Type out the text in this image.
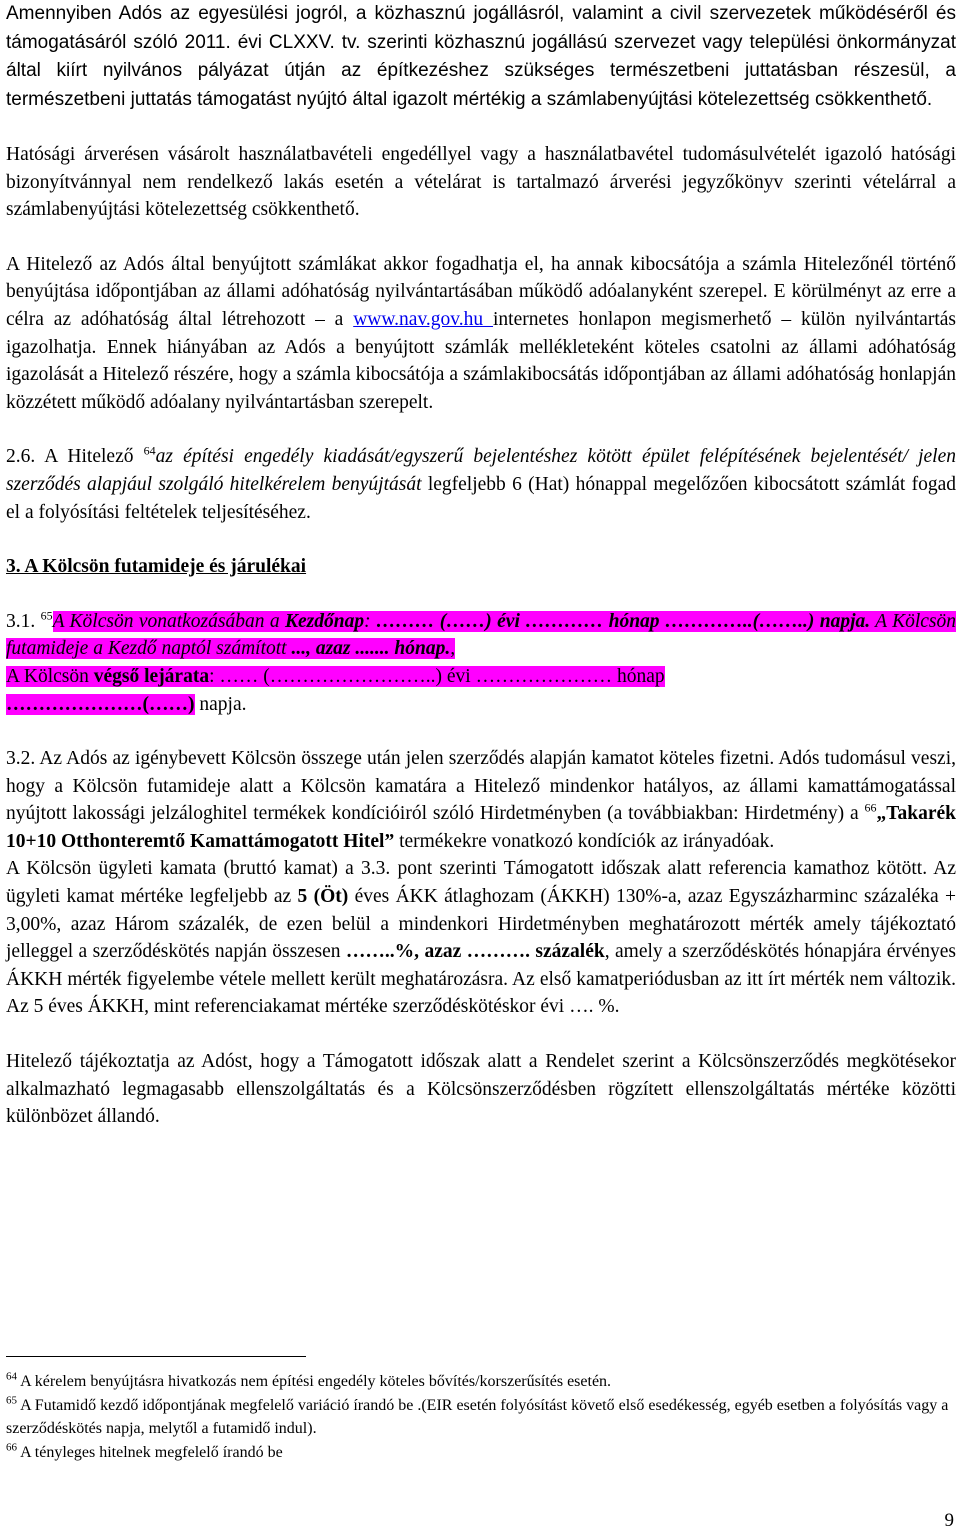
Amennyiben Adós az egyesülési jogról, a közhasznú jogállásról, valamint a civil szervezetek működéséről és támogatásáról szóló 2011. évi CLXXV. tv. szerinti közhasznú jogállású szervezet vagy települési önkormányzat által kiírt nyilvános pályázat útján az építkezéshez szükséges természetbeni juttatásban részesül, a természetbeni juttatás támogatást nyújtó által igazolt mértékig a számlabenyújtási kötelezettség csökkenthető.

Hatósági árverésen vásárolt használatbavételi engedéllyel vagy a használatbavétel tudomásulvételét igazoló hatósági bizonyítvánnyal nem rendelkező lakás esetén a vételárat is tartalmazó árverési jegyzőkönyv szerinti vételárral a számlabenyújtási kötelezettség csökkenthető.

A Hitelező az Adós által benyújtott számlákat akkor fogadhatja el, ha annak kibocsátója a számla Hitelezőnél történő benyújtása időpontjában az állami adóhatóság nyilvántartásában működő adóalanyként szerepel. E körülményt az erre a célra az adóhatóság által létrehozott – a www.nav.gov.hu internetes honlapon megismerhető – külön nyilvántartás igazolhatja. Ennek hiányában az Adós a benyújtott számlák mellékleteként köteles csatolni az állami adóhatóság igazolását a Hitelező részére, hogy a számla kibocsátója a számlakibocsátás időpontjában az állami adóhatóság honlapján közzétett működő adóalany nyilvántartásban szerepelt.

2.6. A Hitelező $^{64}$az építési engedély kiadását/egyszerű bejelentéshez kötött épület felépítésének bejelentését/ jelen szerződés alapjául szolgáló hitelkérelem benyújtását legfeljebb 6 (Hat) hónappal megelőzően kibocsátott számlát fogad el a folyósítási feltételek teljesítéséhez.

3. A Kölcsön futamideje és járulékai

3.1. $^{65}$A Kölcsön vonatkozásában a Kezdőnap: ……… (……) évi ………… hónap …………..(……..) napja. A Kölcsön futamideje a Kezdő naptól számított ..., azaz ....... hónap.,

A Kölcsön végső lejárata: …… (……………………..) évi ………………… hónap

…………………(……) napja.

3.2. Az Adós az igénybevett Kölcsön összege után jelen szerződés alapján kamatot köteles fizetni. Adós tudomásul veszi, hogy a Kölcsön futamideje alatt a Kölcsön kamatára a Hitelező mindenkor hatályos, az állami kamattámogatással nyújtott lakossági jelzáloghitel termékek kondícióiról szóló Hirdetményben (a továbbiakban: Hirdetmény) a $^{66}$„Takarék 10+10 Otthonteremtő Kamattámogatott Hitel” termékekre vonatkozó kondíciók az irányadóak.

A Kölcsön ügyleti kamata (bruttó kamat) a 3.3. pont szerinti Támogatott időszak alatt referencia kamathoz kötött. Az ügyleti kamat mértéke legfeljebb az 5 (Öt) éves ÁKK átlaghozam (ÁKKH) 130%-a, azaz Egyszázharminc százaléka + 3,00%, azaz Három százalék, de ezen belül a mindenkori Hirdetményben meghatározott mérték amely tájékoztató jelleggel a szerződéskötés napján összesen ……..%, azaz ………. százalék, amely a szerződéskötés hónapjára érvényes ÁKKH mérték figyelembe vétele mellett került meghatározásra. Az első kamatperiódusban az itt írt mérték nem változik. Az 5 éves ÁKKH, mint referenciakamat mértéke szerződéskötéskor évi …. %.

Hitelező tájékoztatja az Adóst, hogy a Támogatott időszak alatt a Rendelet szerint a Kölcsönszerződés megkötésekor alkalmazható legmagasabb ellenszolgáltatás és a Kölcsönszerződésben rögzített ellenszolgáltatás mértéke közötti különbözet állandó.

$^{64}$ A kérelem benyújtásra hivatkozás nem építési engedély köteles bővítés/korszerűsítés esetén.

$^{65}$ A Futamidő kezdő időpontjának megfelelő variáció írandó be .(EIR esetén folyósítást követő első esedékesség, egyéb esetben a folyósítás vagy a szerződéskötés napja, melytől a futamidő indul).

$^{66}$ A tényleges hitelnek megfelelő írandó be

9
